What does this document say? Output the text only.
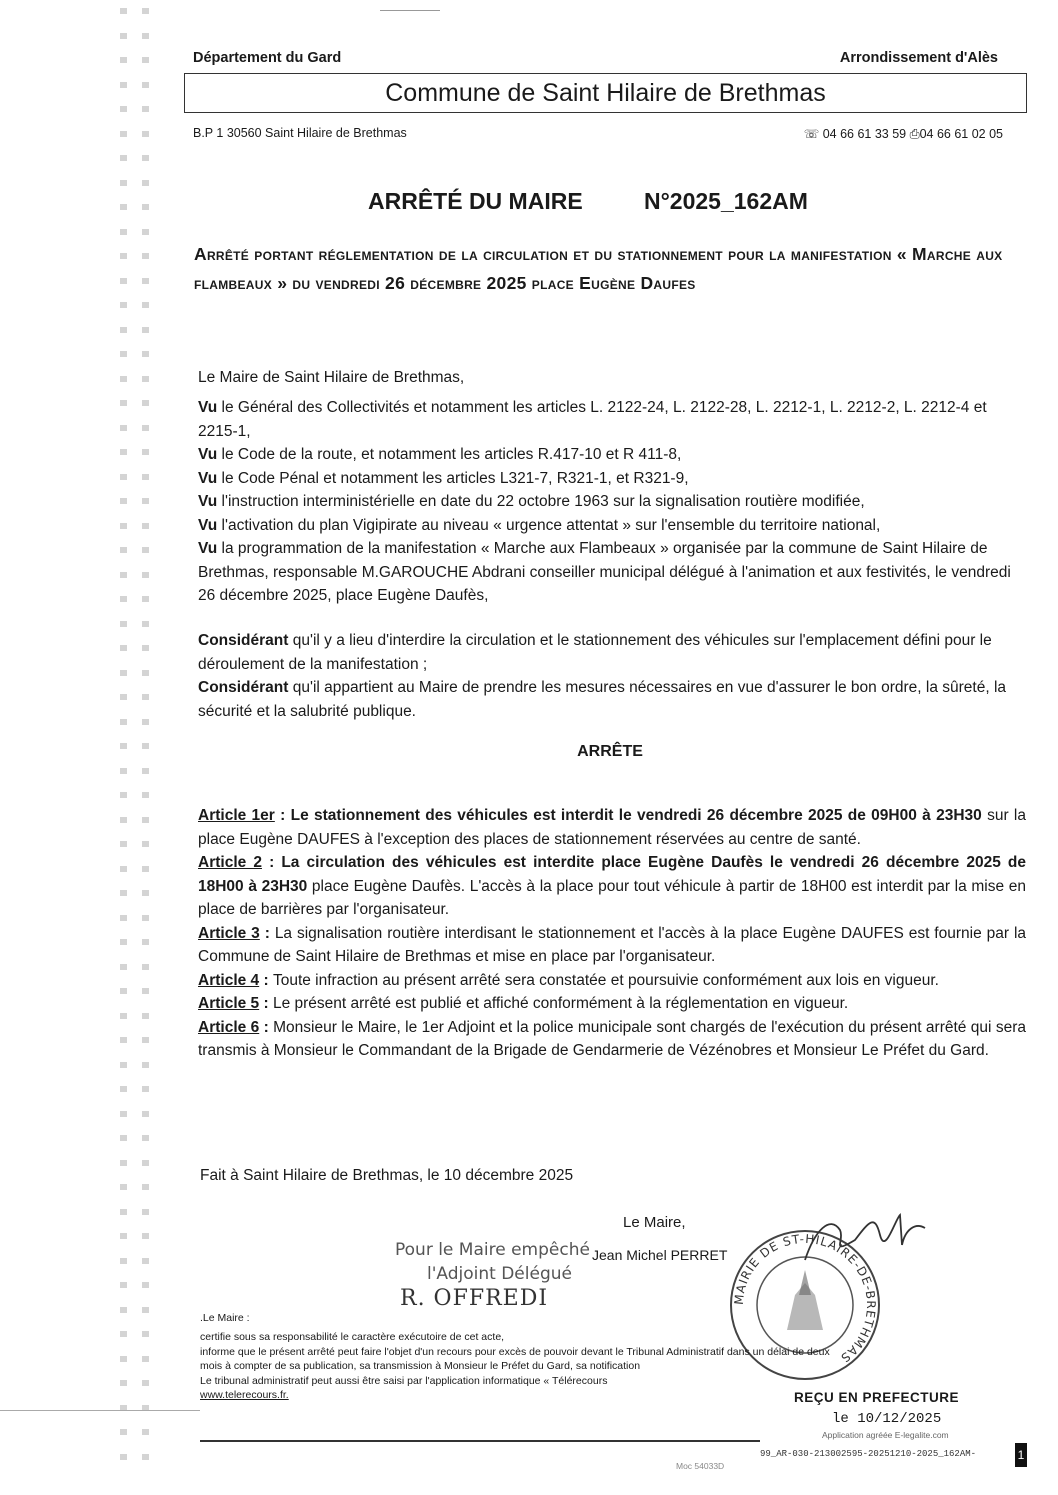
Département du Gard	Arrondissement d'Alès
Commune de Saint Hilaire de Brethmas
B.P 1 30560 Saint Hilaire de Brethmas	☏ 04 66 61 33 59 ⎙04 66 61 02 05
ARRÊTÉ DU MAIRE	N°2025_162AM
Arrêté portant réglementation de la circulation et du stationnement pour la manifestation « Marche aux flambeaux » du vendredi 26 décembre 2025 place Eugène Daufes
Le Maire de Saint Hilaire de Brethmas,

Vu le Général des Collectivités et notamment les articles L. 2122-24, L. 2122-28, L. 2212-1, L. 2212-2, L. 2212-4 et 2215-1,

Vu le Code de la route, et notamment les articles R.417-10 et R 411-8,

Vu le Code Pénal et notamment les articles L321-7, R321-1, et R321-9,

Vu l'instruction interministérielle en date du 22 octobre 1963 sur la signalisation routière modifiée,

Vu l'activation du plan Vigipirate au niveau « urgence attentat » sur l'ensemble du territoire national,

Vu la programmation de la manifestation « Marche aux Flambeaux » organisée par la commune de Saint Hilaire de Brethmas, responsable M.GAROUCHE Abdrani conseiller municipal délégué à l'animation et aux festivités, le vendredi 26 décembre 2025, place Eugène Daufès,

Considérant qu'il y a lieu d'interdire la circulation et le stationnement des véhicules sur l'emplacement défini pour le déroulement de la manifestation ;

Considérant qu'il appartient au Maire de prendre les mesures nécessaires en vue d'assurer le bon ordre, la sûreté, la sécurité et la salubrité publique.

ARRÊTE

Article 1er : Le stationnement des véhicules est interdit le vendredi 26 décembre 2025 de 09H00 à 23H30 sur la place Eugène DAUFES à l'exception des places de stationnement réservées au centre de santé.

Article 2 : La circulation des véhicules est interdite place Eugène Daufès le vendredi 26 décembre 2025 de 18H00 à 23H30 place Eugène Daufès. L'accès à la place pour tout véhicule à partir de 18H00 est interdit par la mise en place de barrières par l'organisateur.

Article 3 : La signalisation routière interdisant le stationnement et l'accès à la place Eugène DAUFES est fournie par la Commune de Saint Hilaire de Brethmas et mise en place par l'organisateur.

Article 4 : Toute infraction au présent arrêté sera constatée et poursuivie conformément aux lois en vigueur.

Article 5 : Le présent arrêté est publié et affiché conformément à la réglementation en vigueur.

Article 6 : Monsieur le Maire, le 1er Adjoint et la police municipale sont chargés de l'exécution du présent arrêté qui sera transmis à Monsieur le Commandant de la Brigade de Gendarmerie de Vézénobres et Monsieur Le Préfet du Gard.

Fait à Saint Hilaire de Brethmas, le 10 décembre 2025
Le Maire,
Pour le Maire empêché
l'Adjoint Délégué
Jean Michel PERRET
R. OFFREDI	MAIRIE DE ST-HILAIRE-DE-BRETHMAS
.Le Maire :
certifie sous sa responsabilité le caractère exécutoire de cet acte,
informe que le présent arrêté peut faire l'objet d'un recours pour excès de pouvoir devant le Tribunal Administratif dans un délai de deux
mois à compter de sa publication, sa transmission à Monsieur le Préfet du Gard, sa notification
Le tribunal administratif peut aussi être saisi par l'application informatique « Télérecours
www.telerecours.fr.	REÇU EN PREFECTURE
le 10/12/2025
Application agréée E-legalite.com
99_AR-030-213002595-20251210-2025_162AM-
Moc 54033D
1
